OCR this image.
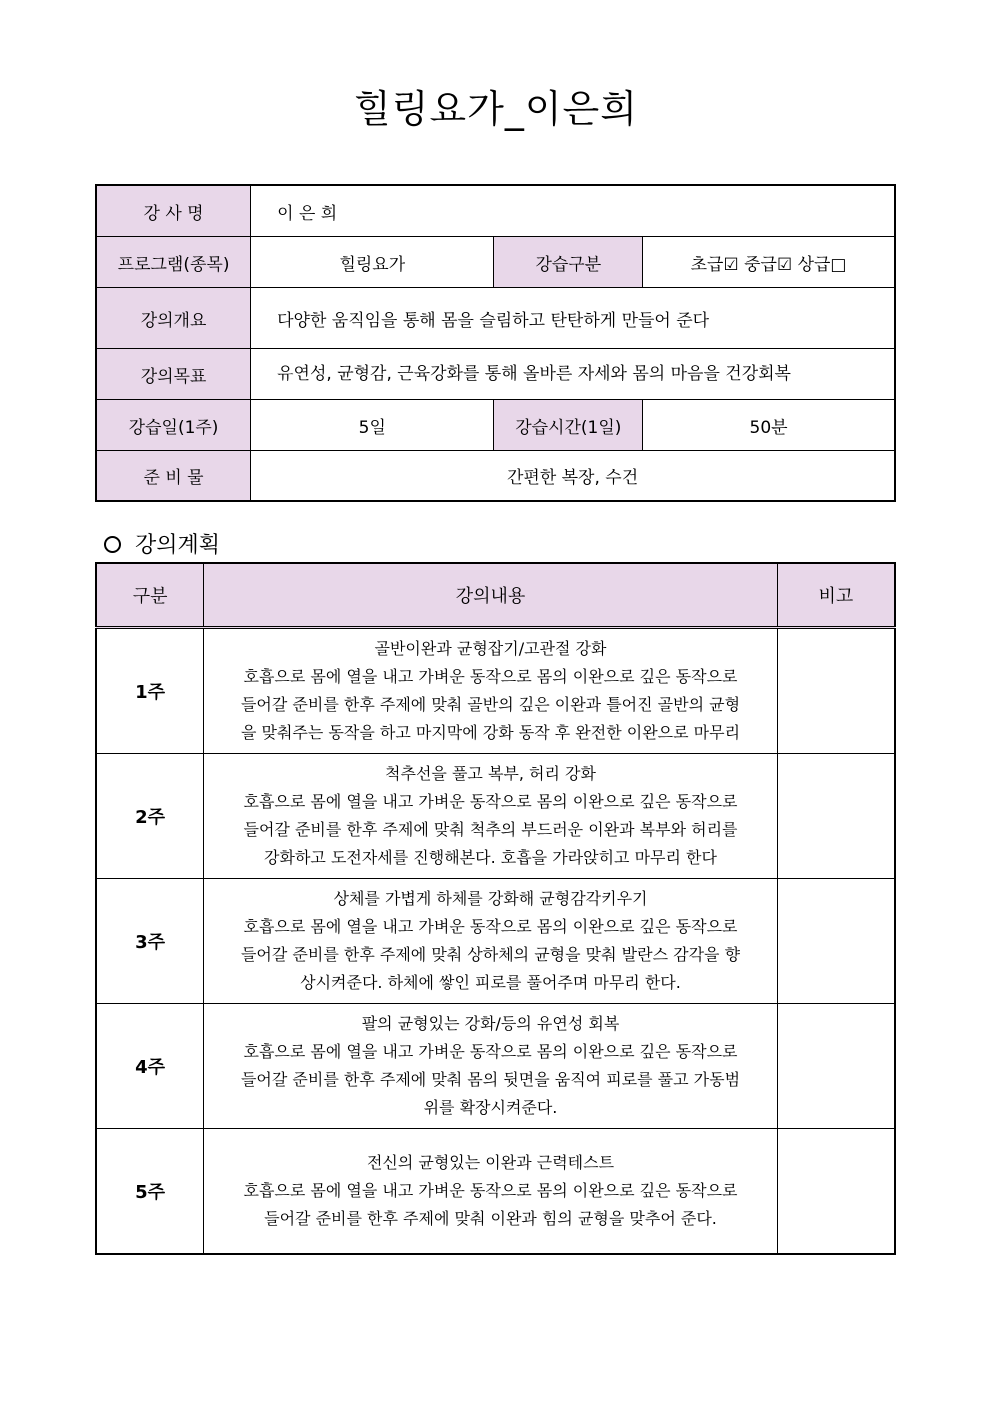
힐링요가_이은희
강 사 명	이 은 희		
프로그램(종목)	힐링요가	강습구분	초급☑ 중급☑ 상급□
강의개요	다양한 움직임을 통해 몸을 슬림하고 탄탄하게 만들어 준다		
강의목표	유연성, 균형감, 근육강화를 통해 올바른 자세와 몸의 마음을 건강회복		
강습일(1주)	5일	강습시간(1일)	50분
준 비 물	간편한 복장, 수건		
강의계획
구분	강의내용	비고
1주	골반이완과 균형잡기/고관절 강화
호흡으로 몸에 열을 내고 가벼운 동작으로 몸의 이완으로 깊은 동작으로
들어갈 준비를 한후 주제에 맞춰 골반의 깊은 이완과 틀어진 골반의 균형
을 맞춰주는 동작을 하고 마지막에 강화 동작 후 완전한 이완으로 마무리	

2주	척추선을 풀고 복부, 허리 강화
호흡으로 몸에 열을 내고 가벼운 동작으로 몸의 이완으로 깊은 동작으로
들어갈 준비를 한후 주제에 맞춰 척추의 부드러운 이완과 복부와 허리를
강화하고 도전자세를 진행해본다. 호흡을 가라앉히고 마무리 한다	

3주	상체를 가볍게 하체를 강화해 균형감각키우기
호흡으로 몸에 열을 내고 가벼운 동작으로 몸의 이완으로 깊은 동작으로
들어갈 준비를 한후 주제에 맞춰 상하체의 균형을 맞춰 발란스 감각을 향
상시켜준다. 하체에 쌓인 피로를 풀어주며 마무리 한다.	

4주	팔의 균형있는 강화/등의 유연성 회복
호흡으로 몸에 열을 내고 가벼운 동작으로 몸의 이완으로 깊은 동작으로
들어갈 준비를 한후 주제에 맞춰 몸의 뒷면을 움직여 피로를 풀고 가동범
위를 확장시켜준다.	

5주	전신의 균형있는 이완과 근력테스트
호흡으로 몸에 열을 내고 가벼운 동작으로 몸의 이완으로 깊은 동작으로
들어갈 준비를 한후 주제에 맞춰 이완과 힘의 균형을 맞추어 준다.	
